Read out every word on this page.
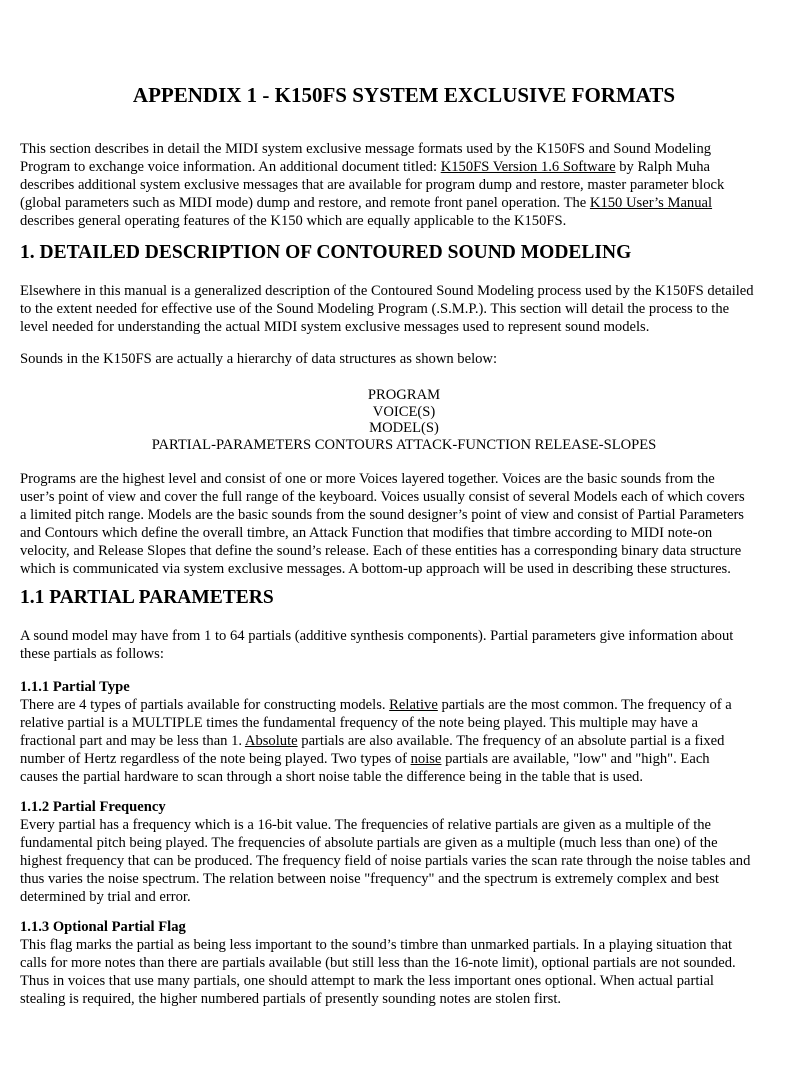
APPENDIX 1 - K150FS SYSTEM EXCLUSIVE FORMATS

This section describes in detail the MIDI system exclusive message formats used by the K150FS and Sound Modeling

Program to exchange voice information. An additional document titled: K150FS Version 1.6 Software by Ralph Muha

describes additional system exclusive messages that are available for program dump and restore, master parameter block

(global parameters such as MIDI mode) dump and restore, and remote front panel operation. The K150 User’s Manual

describes general operating features of the K150 which are equally applicable to the K150FS.

1. DETAILED DESCRIPTION OF CONTOURED SOUND MODELING

Elsewhere in this manual is a generalized description of the Contoured Sound Modeling process used by the K150FS detailed

to the extent needed for effective use of the Sound Modeling Program (.S.M.P.). This section will detail the process to the

level needed for understanding the actual MIDI system exclusive messages used to represent sound models.

Sounds in the K150FS are actually a hierarchy of data structures as shown below:

PROGRAM

VOICE(S)

MODEL(S)

PARTIAL-PARAMETERS CONTOURS ATTACK-FUNCTION RELEASE-SLOPES

Programs are the highest level and consist of one or more Voices layered together. Voices are the basic sounds from the

user’s point of view and cover the full range of the keyboard. Voices usually consist of several Models each of which covers

a limited pitch range. Models are the basic sounds from the sound designer’s point of view and consist of Partial Parameters

and Contours which define the overall timbre, an Attack Function that modifies that timbre according to MIDI note-on

velocity, and Release Slopes that define the sound’s release. Each of these entities has a corresponding binary data structure

which is communicated via system exclusive messages. A bottom-up approach will be used in describing these structures.

1.1 PARTIAL PARAMETERS

A sound model may have from 1 to 64 partials (additive synthesis components). Partial parameters give information about

these partials as follows:

1.1.1 Partial Type

There are 4 types of partials available for constructing models. Relative partials are the most common. The frequency of a

relative partial is a MULTIPLE times the fundamental frequency of the note being played. This multiple may have a

fractional part and may be less than 1. Absolute partials are also available. The frequency of an absolute partial is a fixed

number of Hertz regardless of the note being played. Two types of noise partials are available, "low" and "high". Each

causes the partial hardware to scan through a short noise table the difference being in the table that is used.

1.1.2 Partial Frequency

Every partial has a frequency which is a 16-bit value. The frequencies of relative partials are given as a multiple of the

fundamental pitch being played. The frequencies of absolute partials are given as a multiple (much less than one) of the

highest frequency that can be produced. The frequency field of noise partials varies the scan rate through the noise tables and

thus varies the noise spectrum. The relation between noise "frequency" and the spectrum is extremely complex and best

determined by trial and error.

1.1.3 Optional Partial Flag

This flag marks the partial as being less important to the sound’s timbre than unmarked partials. In a playing situation that

calls for more notes than there are partials available (but still less than the 16-note limit), optional partials are not sounded.

Thus in voices that use many partials, one should attempt to mark the less important ones optional. When actual partial

stealing is required, the higher numbered partials of presently sounding notes are stolen first.
